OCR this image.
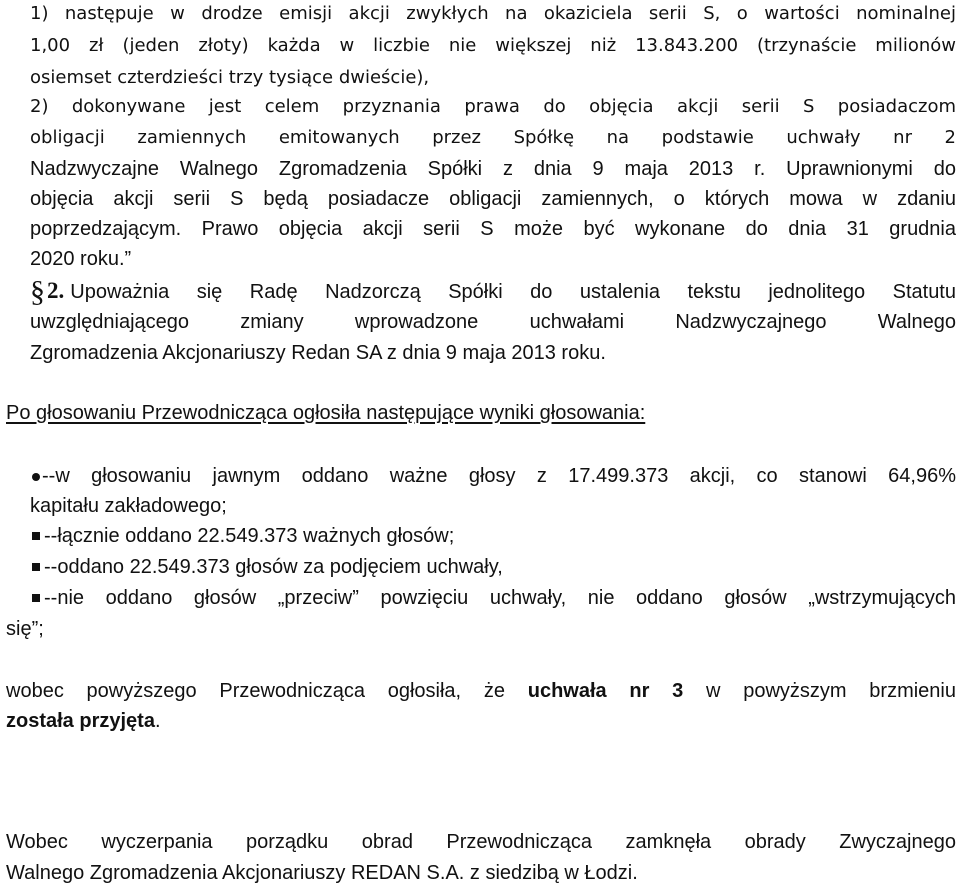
1) następuje w drodze emisji akcji zwykłych na okaziciela serii S, o wartości nominalnej
1,00 zł (jeden złoty) każda w liczbie nie większej niż 13.843.200 (trzynaście milionów
osiemset czterdzieści trzy tysiące dwieście),
2) dokonywane jest celem przyznania prawa do objęcia akcji serii S posiadaczom
obligacji zamiennych emitowanych przez Spółkę na podstawie uchwały nr 2
Nadzwyczajne Walnego Zgromadzenia Spółki z dnia 9 maja 2013 r. Uprawnionymi do
objęcia akcji serii S będą posiadacze obligacji zamiennych, o których mowa w zdaniu
poprzedzającym. Prawo objęcia akcji serii S może być wykonane do dnia 31 grudnia
2020 roku.”
§2. Upoważnia się Radę Nadzorczą Spółki do ustalenia tekstu jednolitego Statutu
uwzględniającego zmiany wprowadzone uchwałami Nadzwyczajnego Walnego
Zgromadzenia Akcjonariuszy Redan SA z dnia 9 maja 2013 roku.
Po głosowaniu Przewodnicząca ogłosiła następujące wyniki głosowania:
--w głosowaniu jawnym oddano ważne głosy z 17.499.373 akcji, co stanowi 64,96%
kapitału zakładowego;
--łącznie oddano 22.549.373 ważnych głosów;
--oddano 22.549.373 głosów za podjęciem uchwały,
--nie oddano głosów „przeciw” powzięciu uchwały, nie oddano głosów „wstrzymujących
się”;
wobec powyższego Przewodnicząca ogłosiła, że uchwała nr 3 w powyższym brzmieniu
została przyjęta.
Wobec wyczerpania porządku obrad Przewodnicząca zamknęła obrady Zwyczajnego
Walnego Zgromadzenia Akcjonariuszy REDAN S.A. z siedzibą w Łodzi.
